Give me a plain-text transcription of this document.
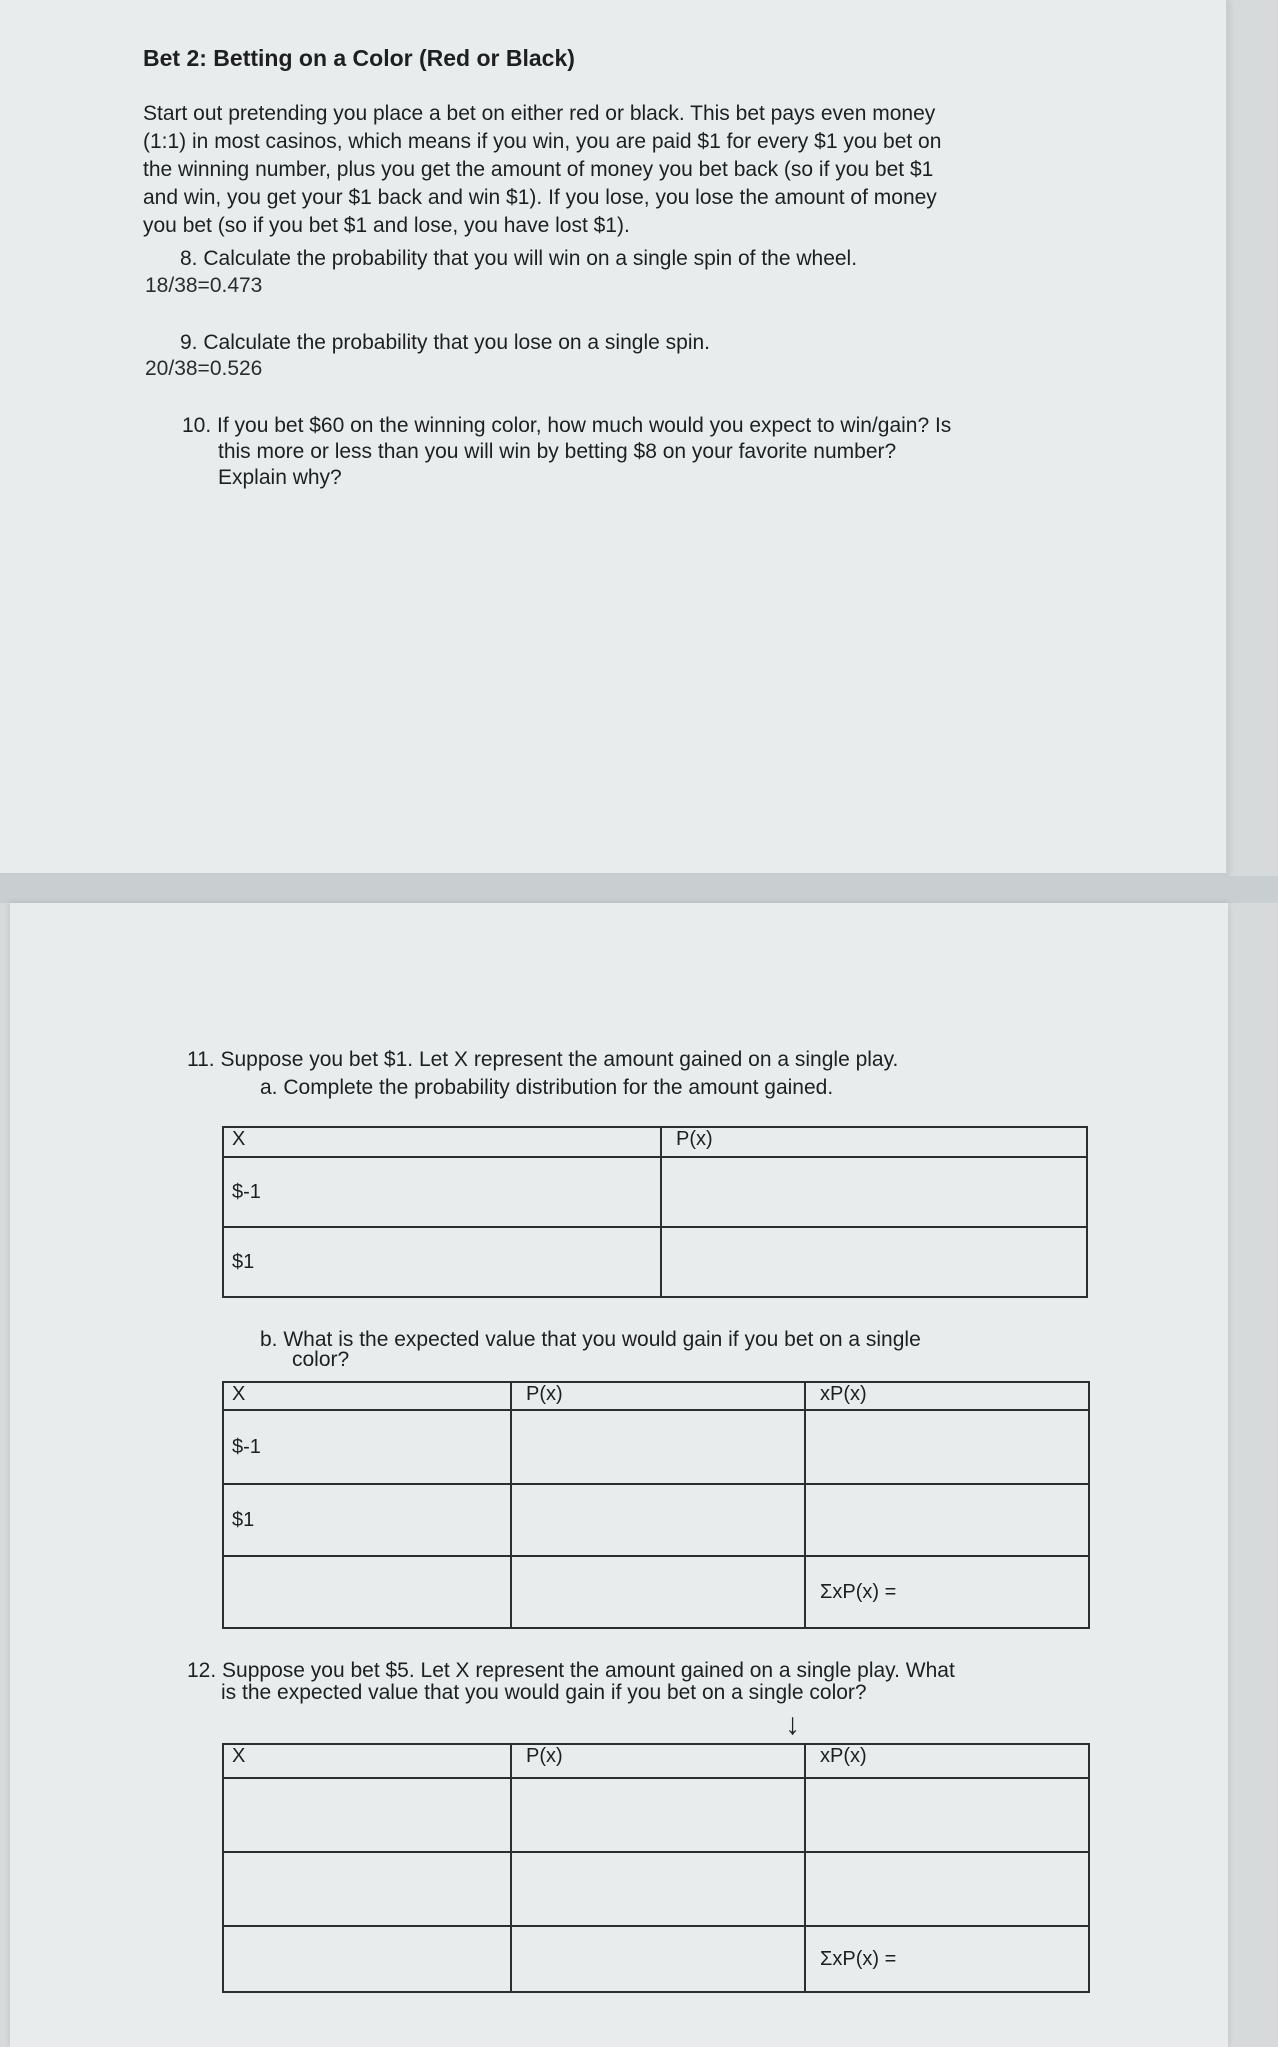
Bet 2: Betting on a Color (Red or Black)
Start out pretending you place a bet on either red or black. This bet pays even money
(1:1) in most casinos, which means if you win, you are paid $1 for every $1 you bet on
the winning number, plus you get the amount of money you bet back (so if you bet $1
and win, you get your $1 back and win $1). If you lose, you lose the amount of money
you bet (so if you bet $1 and lose, you have lost $1).
8. Calculate the probability that you will win on a single spin of the wheel.
18/38=0.473
9. Calculate the probability that you lose on a single spin.
20/38=0.526
10. If you bet $60 on the winning color, how much would you expect to win/gain? Is
this more or less than you will win by betting $8 on your favorite number?
Explain why?
11. Suppose you bet $1. Let X represent the amount gained on a single play.
a. Complete the probability distribution for the amount gained.
X	P(x)
$-1	
$1	
b. What is the expected value that you would gain if you bet on a single
color?
X	P(x)	xP(x)
$-1		
$1		
		ΣxP(x) =
12. Suppose you bet $5. Let X represent the amount gained on a single play. What
is the expected value that you would gain if you bet on a single color?
↓
X	P(x)	xP(x)

		ΣxP(x) =
